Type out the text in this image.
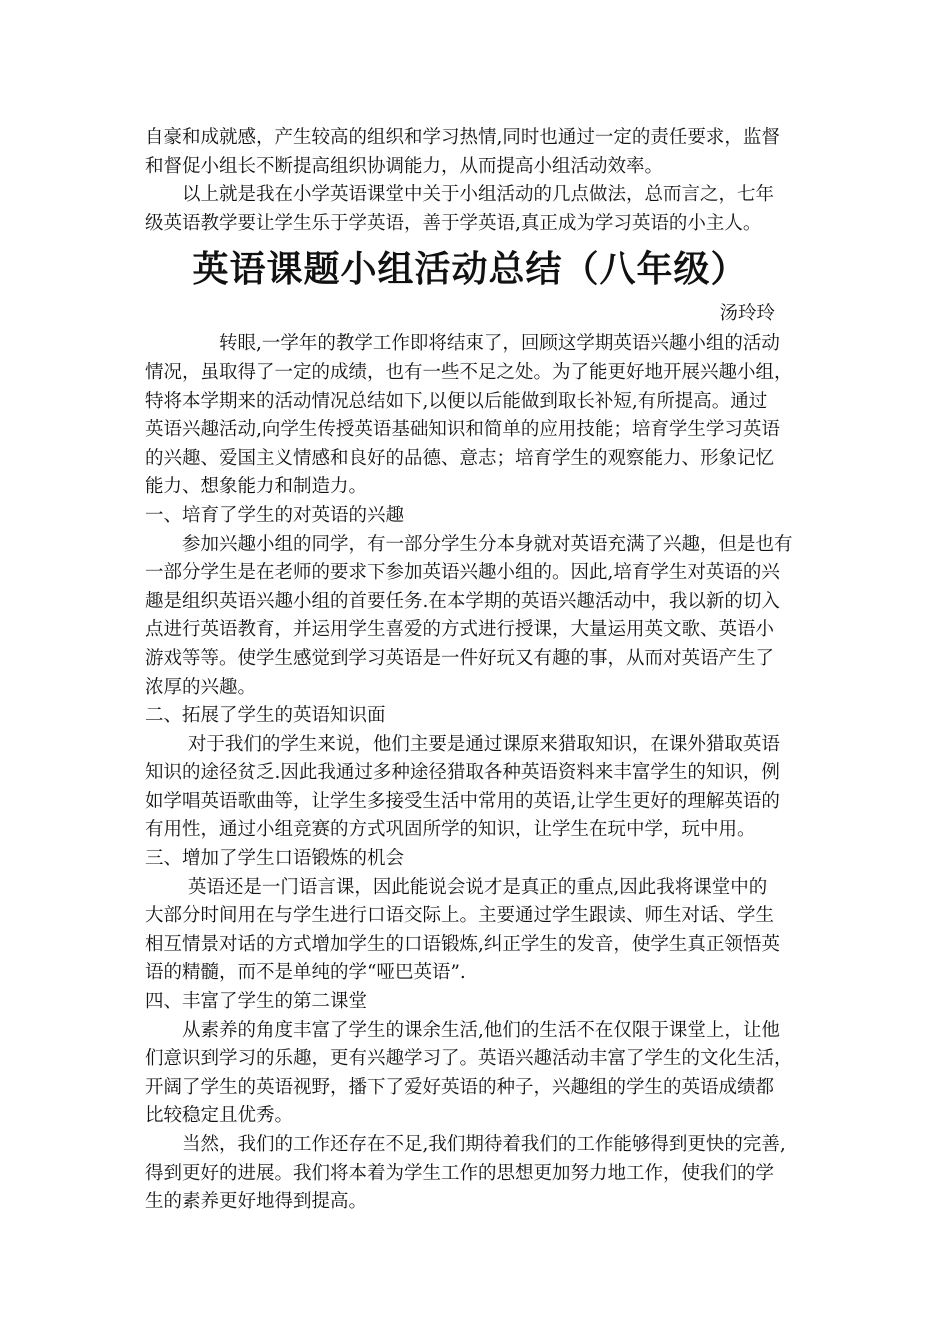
自豪和成就感，产生较高的组织和学习热情,同时也通过一定的责任要求，监督
和督促小组长不断提高组织协调能力，从而提高小组活动效率。
　　以上就是我在小学英语课堂中关于小组活动的几点做法，总而言之，七年
级英语教学要让学生乐于学英语，善于学英语,真正成为学习英语的小主人。
英语课题小组活动总结（八年级）
汤玲玲
　　　　转眼,一学年的教学工作即将结束了，回顾这学期英语兴趣小组的活动
情况，虽取得了一定的成绩，也有一些不足之处。为了能更好地开展兴趣小组，
特将本学期来的活动情况总结如下,以便以后能做到取长补短,有所提高。通过
英语兴趣活动,向学生传授英语基础知识和简单的应用技能；培育学生学习英语
的兴趣、爱国主义情感和良好的品德、意志；培育学生的观察能力、形象记忆
能力、想象能力和制造力。
一、培育了学生的对英语的兴趣
　　参加兴趣小组的同学，有一部分学生分本身就对英语充满了兴趣，但是也有
一部分学生是在老师的要求下参加英语兴趣小组的。因此,培育学生对英语的兴
趣是组织英语兴趣小组的首要任务.在本学期的英语兴趣活动中，我以新的切入
点进行英语教育，并运用学生喜爱的方式进行授课，大量运用英文歌、英语小
游戏等等。使学生感觉到学习英语是一件好玩又有趣的事，从而对英语产生了
浓厚的兴趣。
二、拓展了学生的英语知识面
　　 对于我们的学生来说，他们主要是通过课原来猎取知识，在课外猎取英语
知识的途径贫乏.因此我通过多种途径猎取各种英语资料来丰富学生的知识，例
如学唱英语歌曲等，让学生多接受生活中常用的英语,让学生更好的理解英语的
有用性，通过小组竞赛的方式巩固所学的知识，让学生在玩中学，玩中用。
三、增加了学生口语锻炼的机会
　　 英语还是一门语言课，因此能说会说才是真正的重点,因此我将课堂中的
大部分时间用在与学生进行口语交际上。主要通过学生跟读、师生对话、学生
相互情景对话的方式增加学生的口语锻炼,纠正学生的发音，使学生真正领悟英
语的精髓，而不是单纯的学“哑巴英语”.
四、丰富了学生的第二课堂
　　从素养的角度丰富了学生的课余生活,他们的生活不在仅限于课堂上，让他
们意识到学习的乐趣，更有兴趣学习了。英语兴趣活动丰富了学生的文化生活，
开阔了学生的英语视野，播下了爱好英语的种子，兴趣组的学生的英语成绩都
比较稳定且优秀。
　　当然，我们的工作还存在不足,我们期待着我们的工作能够得到更快的完善,
得到更好的进展。我们将本着为学生工作的思想更加努力地工作，使我们的学
生的素养更好地得到提高。
